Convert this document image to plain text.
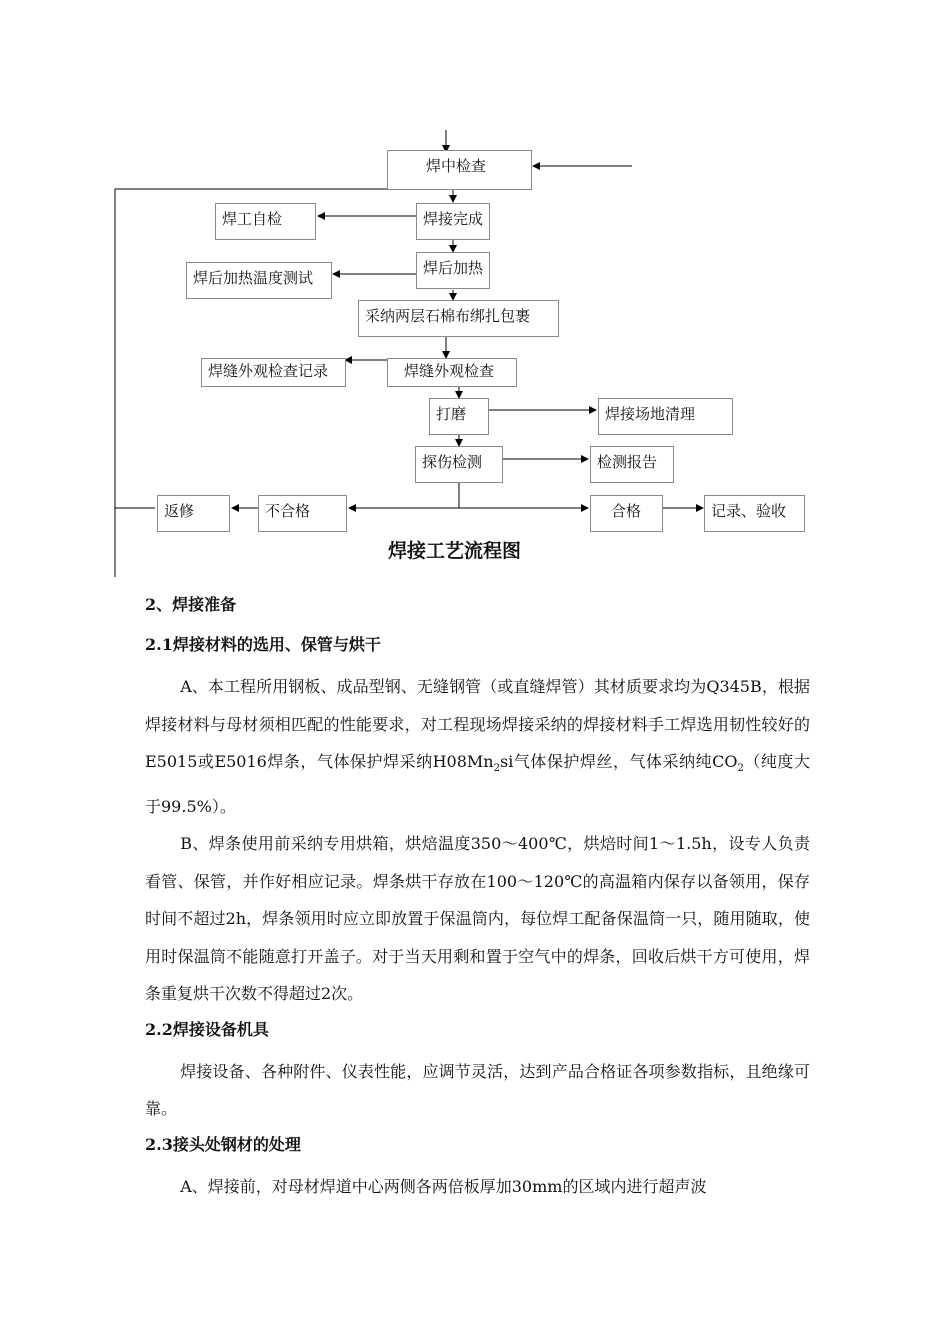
焊中检查
焊工自检	焊接完成
焊后加热
焊后加热温度测试
采纳两层石棉布绑扎包裹
焊缝外观检查记录	焊缝外观检查
打磨	焊接场地清理
探伤检测	检测报告
返修	不合格	合格	记录、验收
焊接工艺流程图
2、焊接准备
2.1焊接材料的选用、保管与烘干

A、本工程所用钢板、成品型钢、无缝钢管（或直缝焊管）其材质要求均为Q345B，根据焊接材料与母材须相匹配的性能要求，对工程现场焊接采纳的焊接材料手工焊选用韧性较好的E5015或E5016焊条，气体保护焊采纳$H08Mn_2si$气体保护焊丝，气体采纳纯$CO_2$（纯度大于99.5%）。

B、焊条使用前采纳专用烘箱，烘焙温度350～400℃，烘焙时间1～1.5h，设专人负责看管、保管，并作好相应记录。焊条烘干存放在100～120℃的高温箱内保存以备领用，保存时间不超过2h，焊条领用时应立即放置于保温筒内，每位焊工配备保温筒一只，随用随取，使用时保温筒不能随意打开盖子。对于当天用剩和置于空气中的焊条，回收后烘干方可使用，焊条重复烘干次数不得超过2次。

2.2焊接设备机具

焊接设备、各种附件、仪表性能，应调节灵活，达到产品合格证各项参数指标，且绝缘可靠。

2.3接头处钢材的处理

A、焊接前，对母材焊道中心两侧各两倍板厚加30mm的区域内进行超声波
